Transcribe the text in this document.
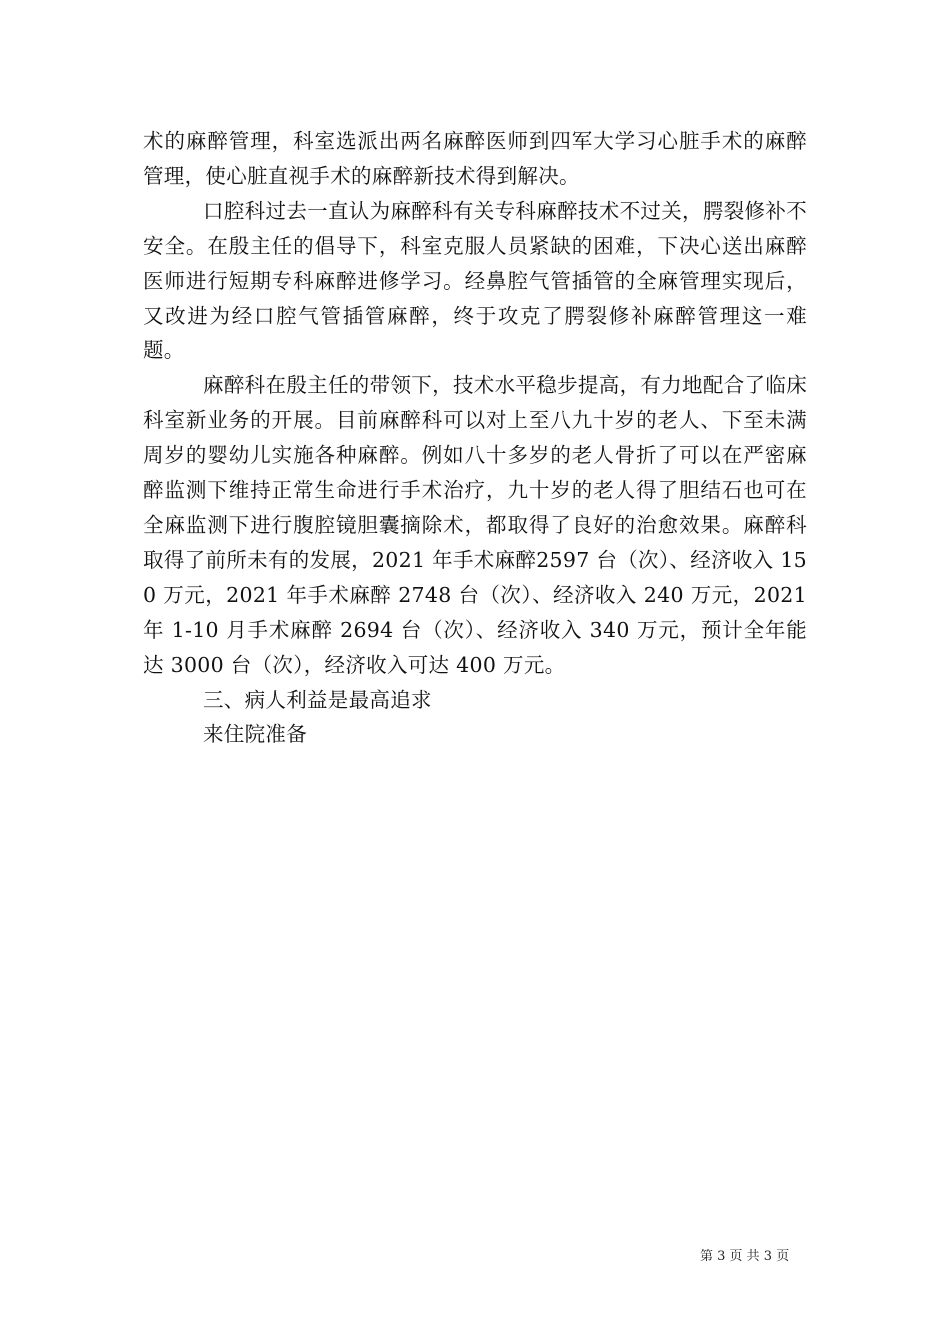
术的麻醉管理，科室选派出两名麻醉医师到四军大学习心脏手术的麻醉管理，使心脏直视手术的麻醉新技术得到解决。

口腔科过去一直认为麻醉科有关专科麻醉技术不过关，腭裂修补不安全。在殷主任的倡导下，科室克服人员紧缺的困难，下决心送出麻醉医师进行短期专科麻醉进修学习。经鼻腔气管插管的全麻管理实现后，又改进为经口腔气管插管麻醉，终于攻克了腭裂修补麻醉管理这一难题。

麻醉科在殷主任的带领下，技术水平稳步提高，有力地配合了临床科室新业务的开展。目前麻醉科可以对上至八九十岁的老人、下至未满周岁的婴幼儿实施各种麻醉。例如八十多岁的老人骨折了可以在严密麻醉监测下维持正常生命进行手术治疗，九十岁的老人得了胆结石也可在全麻监测下进行腹腔镜胆囊摘除术，都取得了良好的治愈效果。麻醉科取得了前所未有的发展，2021 年手术麻醉2597 台（次）、经济收入 150 万元，2021 年手术麻醉 2748 台（次）、经济收入 240 万元，2021 年 1-10 月手术麻醉 2694 台（次）、经济收入 340 万元，预计全年能达 3000 台（次），经济收入可达 400 万元。

三、病人利益是最高追求

来住院准备

第 3 页 共 3 页
